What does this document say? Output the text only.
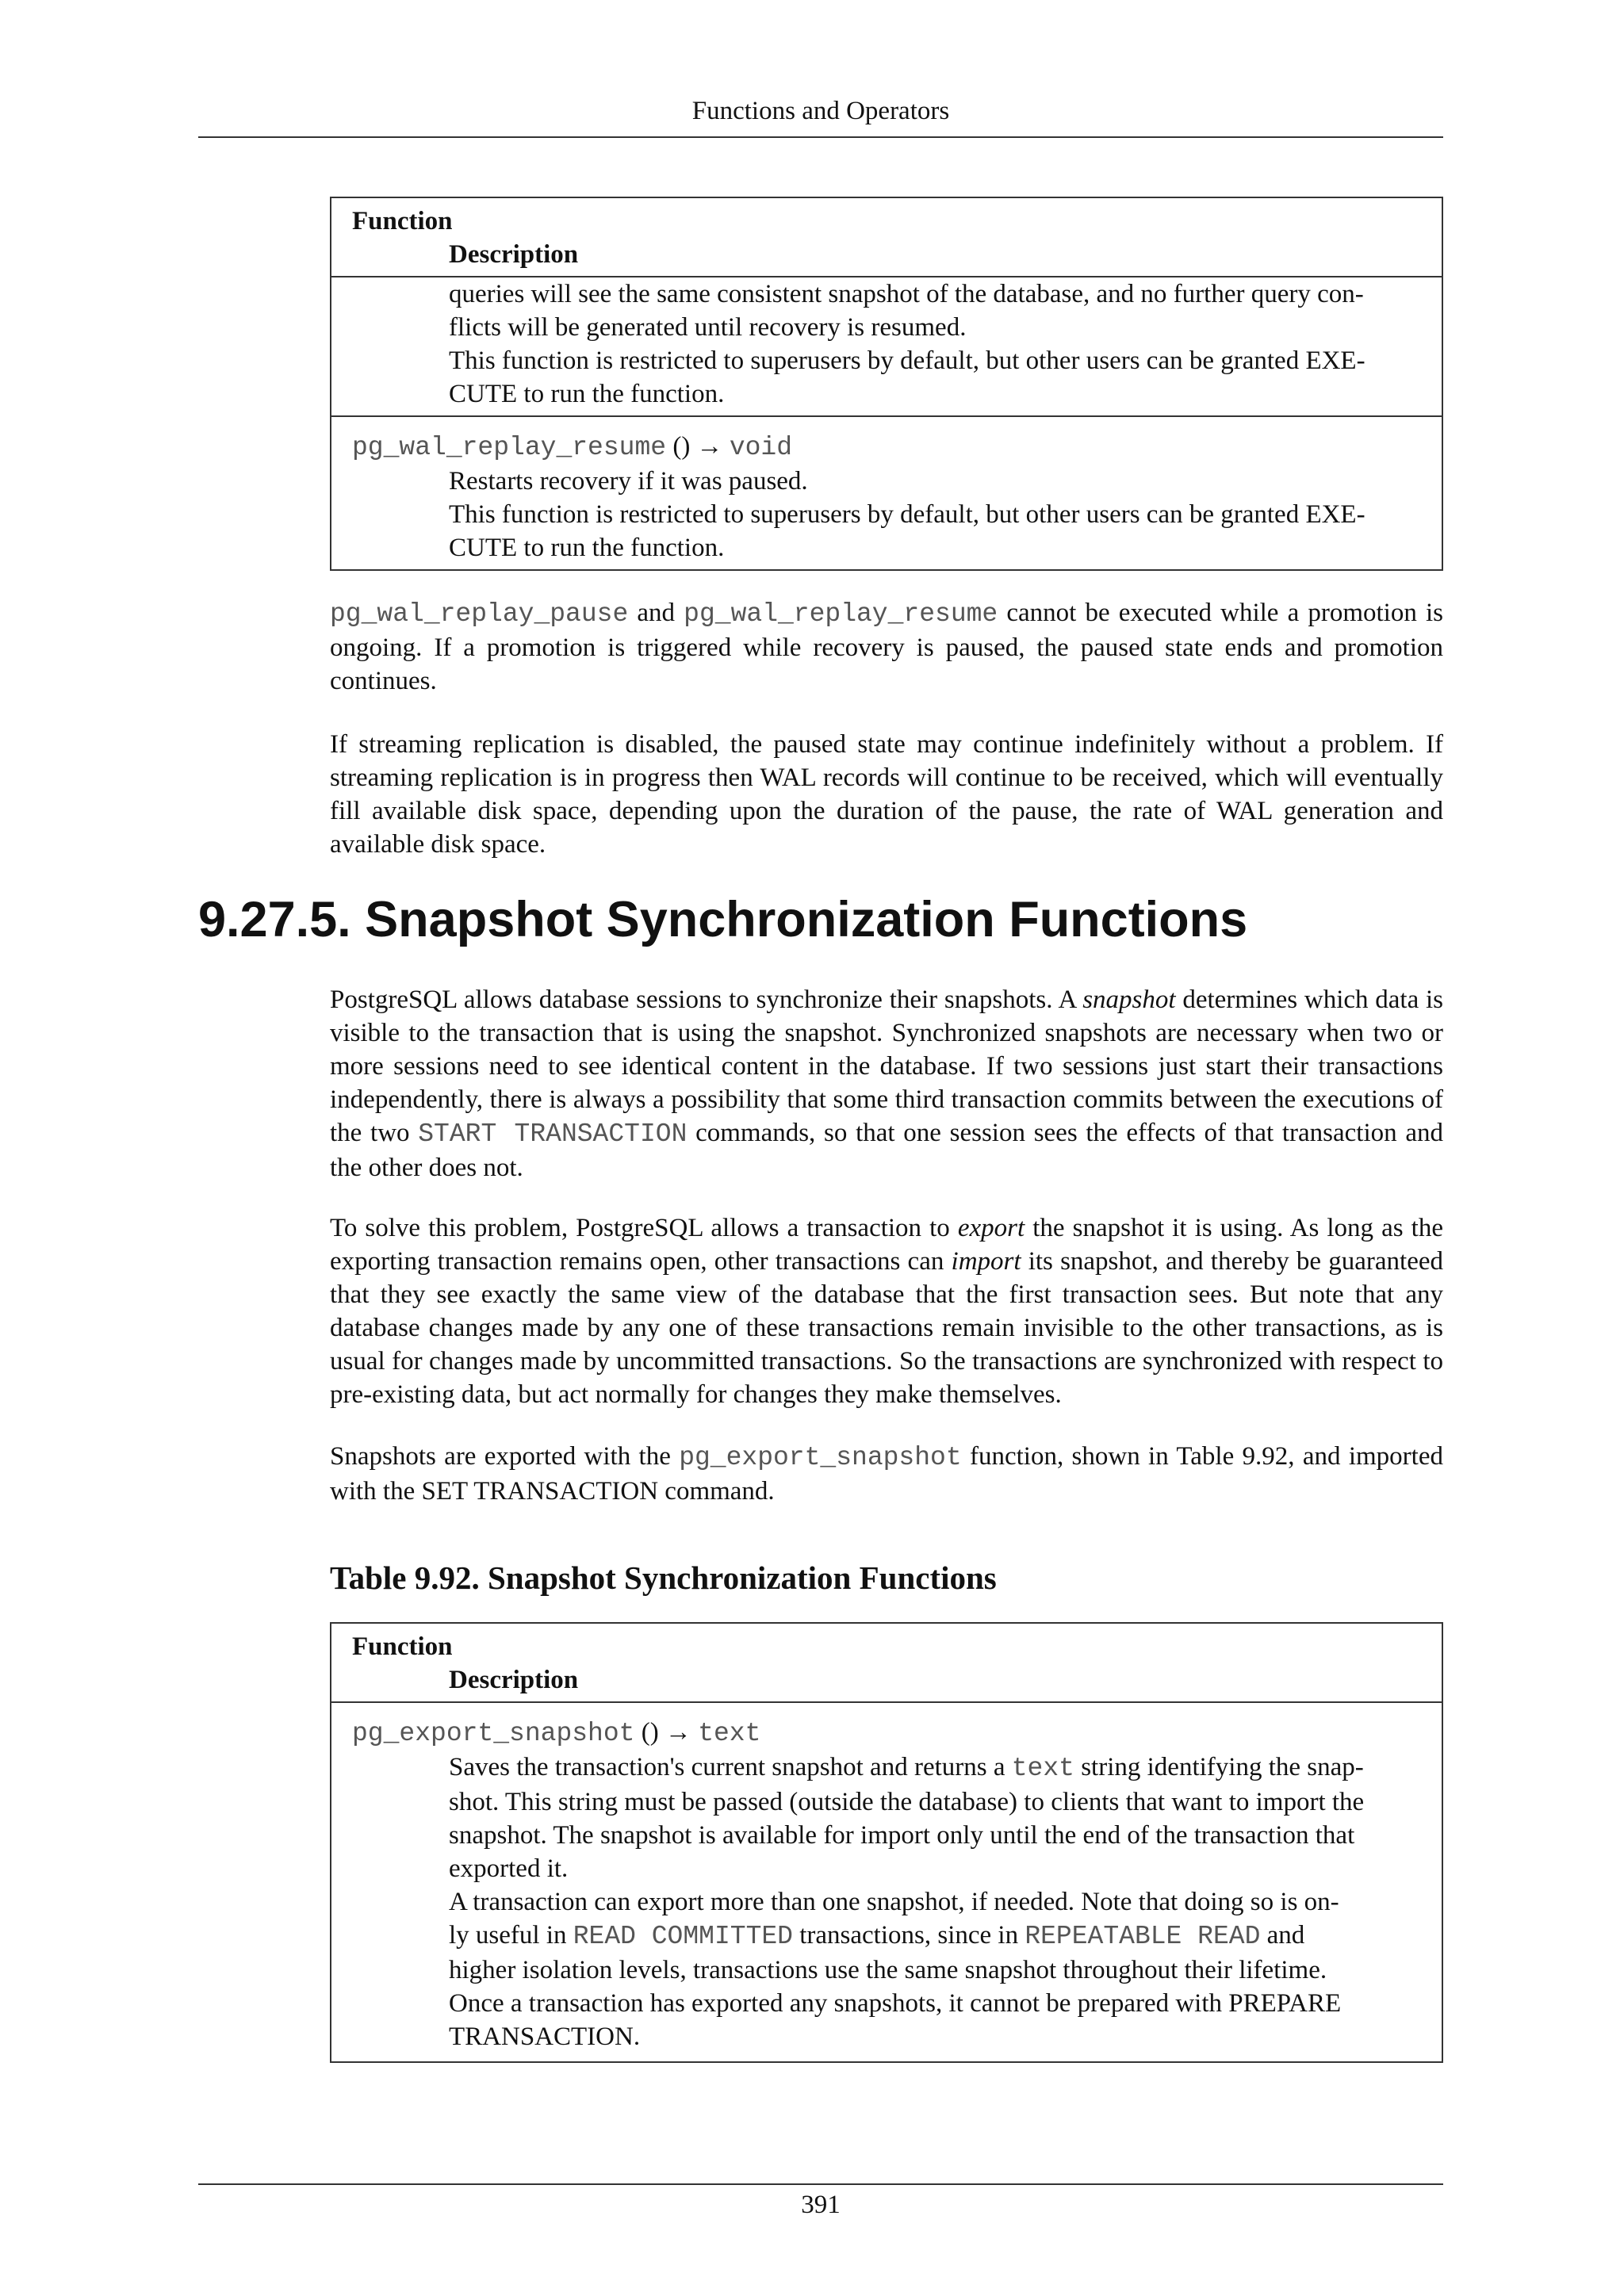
Functions and Operators
Function
Description

queries will see the same consistent snapshot of the database, and no further query con-

flicts will be generated until recovery is resumed.

This function is restricted to superusers by default, but other users can be granted EXE-

CUTE to run the function.

pg_wal_replay_resume () → void

Restarts recovery if it was paused.

This function is restricted to superusers by default, but other users can be granted EXE-

CUTE to run the function.

pg_wal_replay_pause and pg_wal_replay_resume cannot be executed while a promotion is ongoing. If a promotion is triggered while recovery is paused, the paused state ends and promotion continues.

If streaming replication is disabled, the paused state may continue indefinitely without a problem. If streaming replication is in progress then WAL records will continue to be received, which will eventually fill available disk space, depending upon the duration of the pause, the rate of WAL generation and available disk space.

9.27.5. Snapshot Synchronization Functions

PostgreSQL allows database sessions to synchronize their snapshots. A snapshot determines which data is visible to the transaction that is using the snapshot. Synchronized snapshots are necessary when two or more sessions need to see identical content in the database. If two sessions just start their transactions independently, there is always a possibility that some third transaction commits between the executions of the two START TRANSACTION commands, so that one session sees the effects of that transaction and the other does not.

To solve this problem, PostgreSQL allows a transaction to export the snapshot it is using. As long as the exporting transaction remains open, other transactions can import its snapshot, and thereby be guaranteed that they see exactly the same view of the database that the first transaction sees. But note that any database changes made by any one of these transactions remain invisible to the other transactions, as is usual for changes made by uncommitted transactions. So the transactions are synchronized with respect to pre-existing data, but act normally for changes they make themselves.

Snapshots are exported with the pg_export_snapshot function, shown in Table 9.92, and imported with the SET TRANSACTION command.

Table 9.92. Snapshot Synchronization Functions
Function
Description
pg_export_snapshot () → text

Saves the transaction's current snapshot and returns a text string identifying the snap-

shot. This string must be passed (outside the database) to clients that want to import the

snapshot. The snapshot is available for import only until the end of the transaction that

exported it.

A transaction can export more than one snapshot, if needed. Note that doing so is on-

ly useful in READ COMMITTED transactions, since in REPEATABLE READ and

higher isolation levels, transactions use the same snapshot throughout their lifetime.

Once a transaction has exported any snapshots, it cannot be prepared with PREPARE

TRANSACTION.

391
